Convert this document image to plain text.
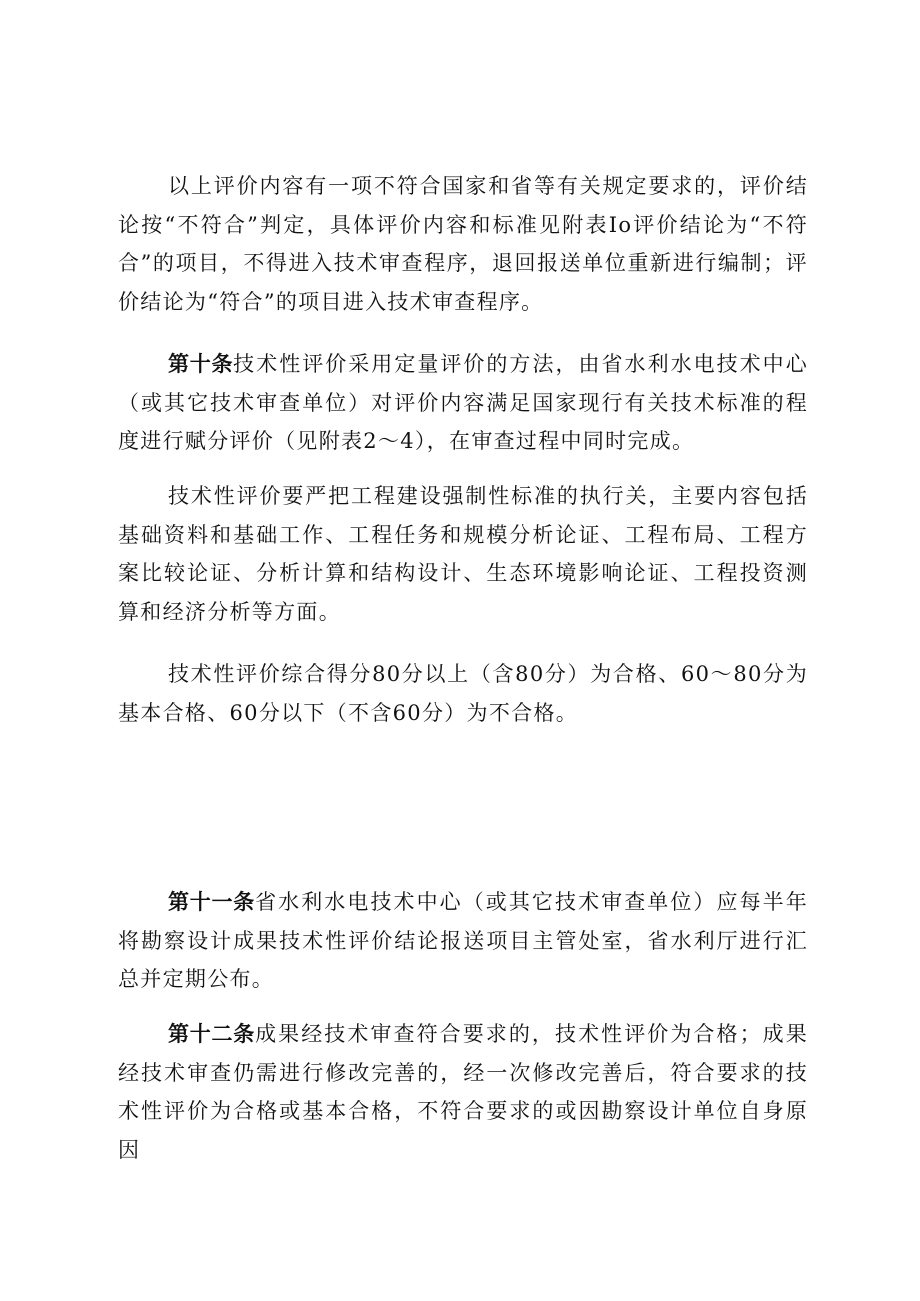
以上评价内容有一项不符合国家和省等有关规定要求的，评价结论按“不符合”判定，具体评价内容和标准见附表Io评价结论为“不符合”的项目，不得进入技术审查程序，退回报送单位重新进行编制；评价结论为“符合”的项目进入技术审查程序。

第十条技术性评价采用定量评价的方法，由省水利水电技术中心（或其它技术审查单位）对评价内容满足国家现行有关技术标准的程度进行赋分评价（见附表2～4），在审查过程中同时完成。

技术性评价要严把工程建设强制性标准的执行关，主要内容包括基础资料和基础工作、工程任务和规模分析论证、工程布局、工程方案比较论证、分析计算和结构设计、生态环境影响论证、工程投资测算和经济分析等方面。

技术性评价综合得分80分以上（含80分）为合格、60～80分为基本合格、60分以下（不含60分）为不合格。

第十一条省水利水电技术中心（或其它技术审查单位）应每半年将勘察设计成果技术性评价结论报送项目主管处室，省水利厅进行汇总并定期公布。

第十二条成果经技术审查符合要求的，技术性评价为合格；成果经技术审查仍需进行修改完善的，经一次修改完善后，符合要求的技术性评价为合格或基本合格，不符合要求的或因勘察设计单位自身原因
